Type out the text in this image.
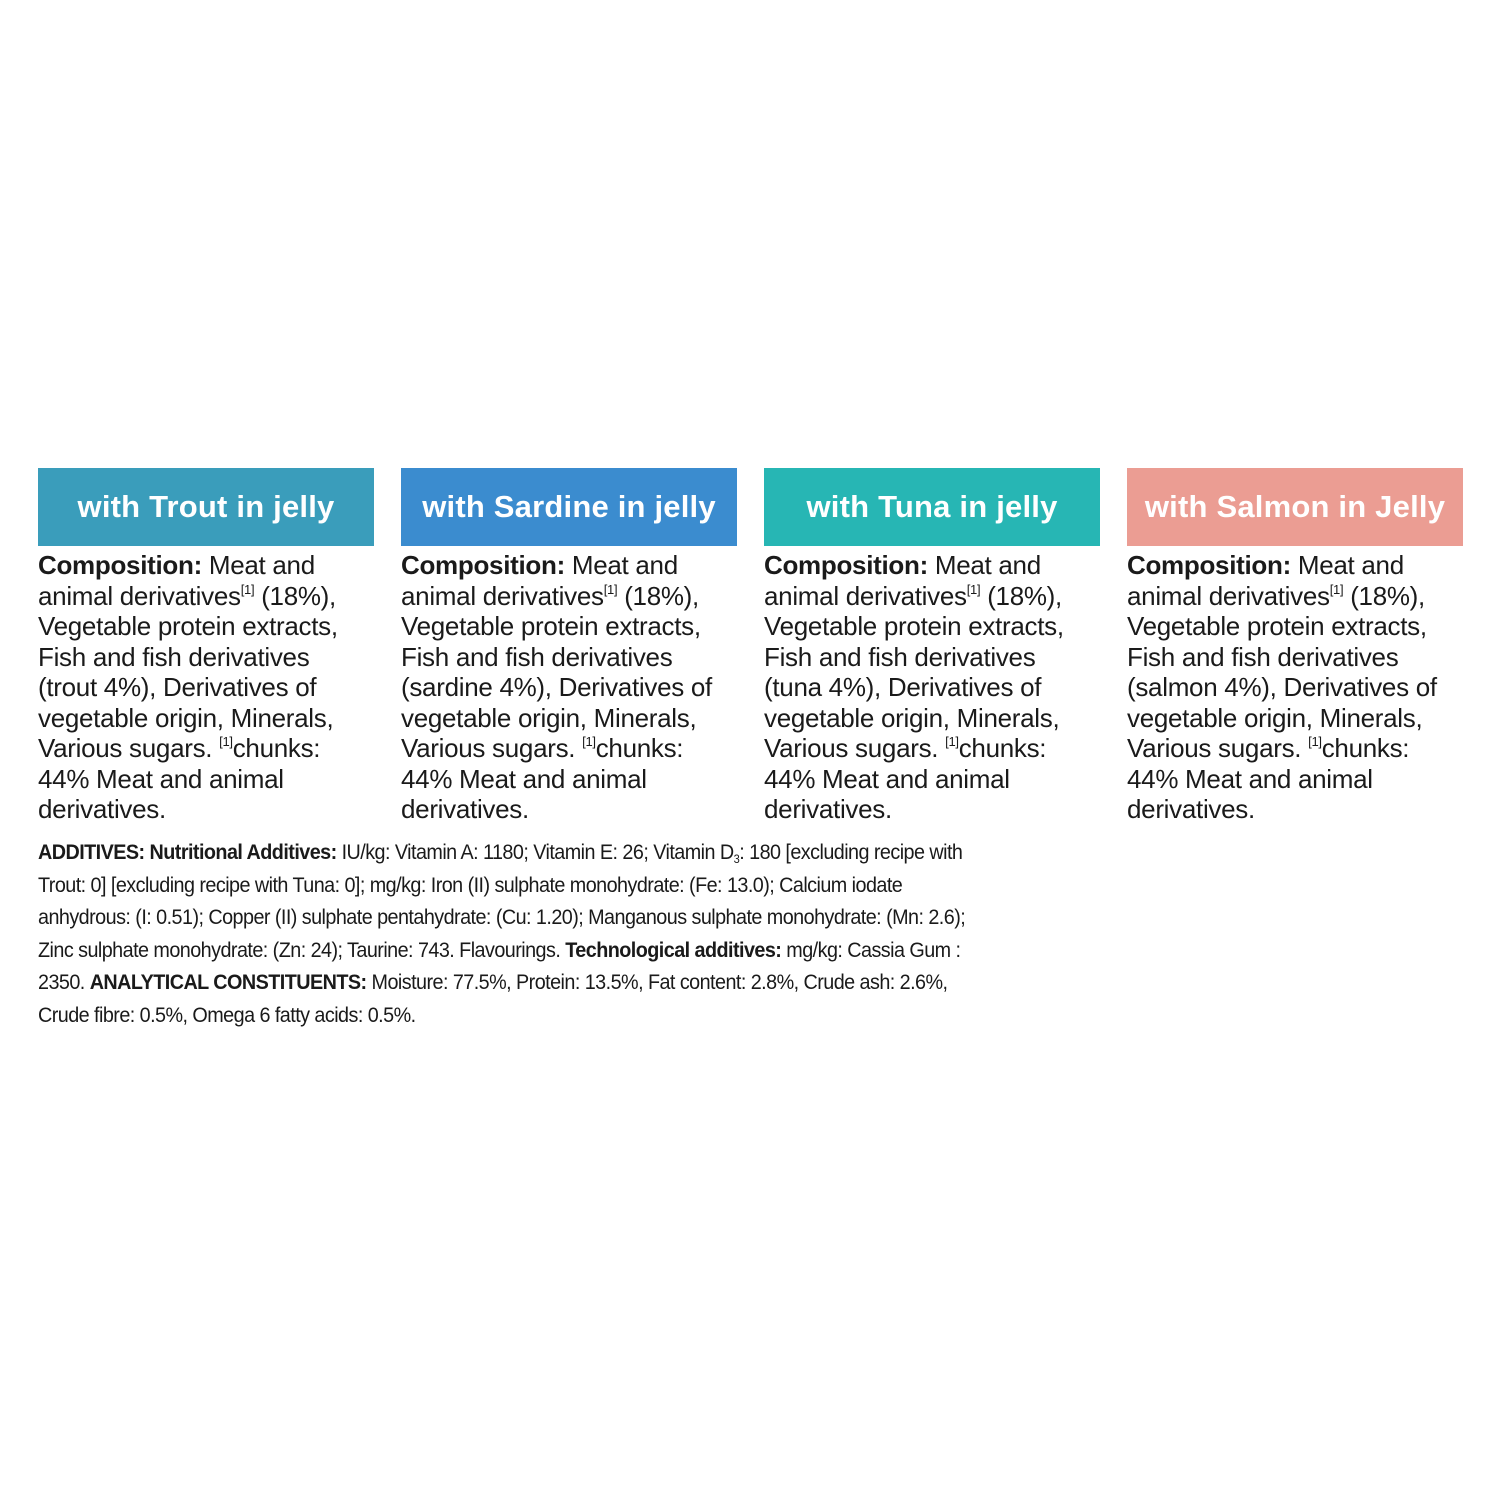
with Trout in jelly
Composition: Meat and animal derivatives[1] (18%), Vegetable protein extracts, Fish and fish derivatives (trout 4%), Derivatives of vegetable origin, Minerals, Various sugars. [1]chunks: 44% Meat and animal derivatives.
with Sardine in jelly
Composition: Meat and animal derivatives[1] (18%), Vegetable protein extracts, Fish and fish derivatives (sardine 4%), Derivatives of vegetable origin, Minerals, Various sugars. [1]chunks: 44% Meat and animal derivatives.
with Tuna in jelly
Composition: Meat and animal derivatives[1] (18%), Vegetable protein extracts, Fish and fish derivatives (tuna 4%), Derivatives of vegetable origin, Minerals, Various sugars. [1]chunks: 44% Meat and animal derivatives.
with Salmon in Jelly
Composition: Meat and animal derivatives[1] (18%), Vegetable protein extracts, Fish and fish derivatives (salmon 4%), Derivatives of vegetable origin, Minerals, Various sugars. [1]chunks: 44% Meat and animal derivatives.
ADDITIVES: Nutritional Additives: IU/kg: Vitamin A: 1180; Vitamin E: 26; Vitamin $D_3$: 180 [excluding recipe with Trout: 0] [excluding recipe with Tuna: 0]; mg/kg: Iron (II) sulphate monohydrate: (Fe: 13.0); Calcium iodate anhydrous: (I: 0.51); Copper (II) sulphate pentahydrate: (Cu: 1.20); Manganous sulphate monohydrate: (Mn: 2.6); Zinc sulphate monohydrate: (Zn: 24); Taurine: 743. Flavourings. Technological additives: mg/kg: Cassia Gum : 2350. ANALYTICAL CONSTITUENTS: Moisture: 77.5%, Protein: 13.5%, Fat content: 2.8%, Crude ash: 2.6%, Crude fibre: 0.5%, Omega 6 fatty acids: 0.5%.
